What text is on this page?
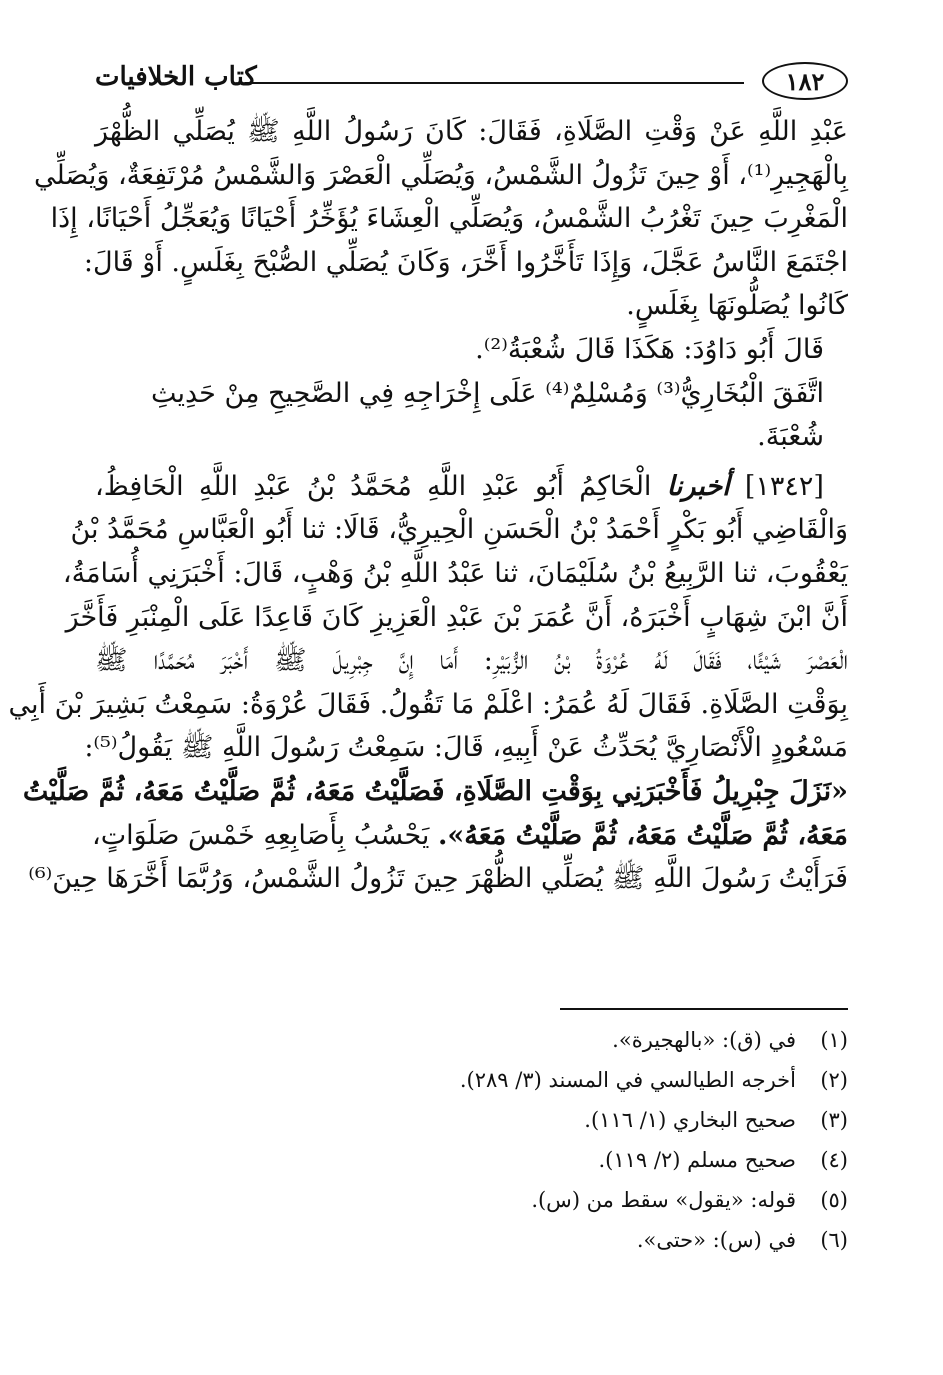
١٨٢
كتاب الخلافيات

عَبْدِ اللَّهِ عَنْ وَقْتِ الصَّلَاةِ، فَقَالَ: كَانَ رَسُولُ اللَّهِ ﷺ يُصَلِّي الظُّهْرَ
بِالْهَجِيرِ⁽¹⁾، أَوْ حِينَ تَزُولُ الشَّمْسُ، وَيُصَلِّي الْعَصْرَ وَالشَّمْسُ مُرْتَفِعَةٌ، وَيُصَلِّي
الْمَغْرِبَ حِينَ تَغْرُبُ الشَّمْسُ، وَيُصَلِّي الْعِشَاءَ يُؤَخِّرُ أَحْيَانًا وَيُعَجِّلُ أَحْيَانًا، إِذَا
اجْتَمَعَ النَّاسُ عَجَّلَ، وَإِذَا تَأَخَّرُوا أَخَّرَ، وَكَانَ يُصَلِّي الصُّبْحَ بِغَلَسٍ. أَوْ قَالَ:
كَانُوا يُصَلُّونَهَا بِغَلَسٍ.

قَالَ أَبُو دَاوُدَ: هَكَذَا قَالَ شُعْبَةُ⁽²⁾.
اتَّفَقَ الْبُخَارِيُّ⁽³⁾ وَمُسْلِمٌ⁽⁴⁾ عَلَى إِخْرَاجِهِ فِي الصَّحِيحِ مِنْ حَدِيثِ شُعْبَةَ.

[١٣٤٢] أخبرنا الْحَاكِمُ أَبُو عَبْدِ اللَّهِ مُحَمَّدُ بْنُ عَبْدِ اللَّهِ الْحَافِظُ،
وَالْقَاضِي أَبُو بَكْرٍ أَحْمَدُ بْنُ الْحَسَنِ الْحِيرِيُّ، قَالَا: ثنا أَبُو الْعَبَّاسِ مُحَمَّدُ بْنُ
يَعْقُوبَ، ثنا الرَّبِيعُ بْنُ سُلَيْمَانَ، ثنا عَبْدُ اللَّهِ بْنُ وَهْبٍ، قَالَ: أَخْبَرَنِي أُسَامَةُ،
أَنَّ ابْنَ شِهَابٍ أَخْبَرَهُ، أَنَّ عُمَرَ بْنَ عَبْدِ الْعَزِيزِ كَانَ قَاعِدًا عَلَى الْمِنْبَرِ فَأَخَّرَ
الْعَصْرَ شَيْئًا، فَقَالَ لَهُ عُرْوَةُ بْنُ الزُّبَيْرِ: أَمَا إِنَّ جِبْرِيلَ ﷺ أَخْبَرَ مُحَمَّدًا ﷺ
بِوَقْتِ الصَّلَاةِ. فَقَالَ لَهُ عُمَرُ: اعْلَمْ مَا تَقُولُ. فَقَالَ عُرْوَةُ: سَمِعْتُ بَشِيرَ بْنَ أَبِي
مَسْعُودٍ الْأَنْصَارِيَّ يُحَدِّثُ عَنْ أَبِيهِ، قَالَ: سَمِعْتُ رَسُولَ اللَّهِ ﷺ يَقُولُ⁽⁵⁾:
«نَزَلَ جِبْرِيلُ فَأَخْبَرَنِي بِوَقْتِ الصَّلَاةِ، فَصَلَّيْتُ مَعَهُ، ثُمَّ صَلَّيْتُ مَعَهُ، ثُمَّ صَلَّيْتُ
مَعَهُ، ثُمَّ صَلَّيْتُ مَعَهُ، ثُمَّ صَلَّيْتُ مَعَهُ». يَحْسُبُ بِأَصَابِعِهِ خَمْسَ صَلَوَاتٍ،
فَرَأَيْتُ رَسُولَ اللَّهِ ﷺ يُصَلِّي الظُّهْرَ حِينَ تَزُولُ الشَّمْسُ، وَرُبَّمَا أَخَّرَهَا حِينَ⁽⁶⁾

(١)
في (ق): «بالهجيرة».

(٢)
أخرجه الطيالسي في المسند (٣/ ٢٨٩).

(٣)
صحيح البخاري (١/ ١١٦).

(٤)
صحيح مسلم (٢/ ١١٩).

(٥)
قوله: «يقول» سقط من (س).

(٦)
في (س): «حتى».
